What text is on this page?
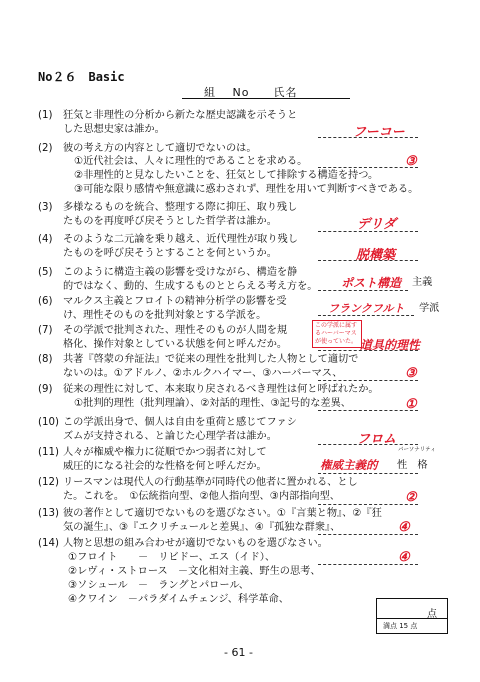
No２６　 Basic
組　 No　　氏名
(1) 狂気と非理性の分析から新たな歴史認識を示そうと
した思想史家は誰か。	フーコー
(2) 彼の考え方の内容として適切でないのは。
①近代社会は、人々に理性的であることを求める。
②非理性的と見なしたいことを、狂気として排除する構造を持つ。
③可能な限り感情や無意識に惑わされず、理性を用いて判断すべきである。
③
(3) 多様なるものを統合、整理する際に抑圧、取り残し
たものを再度呼び戻そうとした哲学者は誰か。	デリダ
(4) そのような二元論を乗り越え、近代理性が取り残し
たものを呼び戻そうとすることを何というか。	脱構築
(5) このように構造主義の影響を受けながら、構造を静
的ではなく、動的、生成するものととらえる考え方を。 ポスト構造 主義
(6) マルクス主義とフロイトの精神分析学の影響を受
け、理性そのものを批判対象とする学派を。
フランクフルト 学派
(7) その学派で批判された、理性そのものが人間を規
格化、操作対象としている状態を何と呼んだか。
この学派に属す
るハーバーマス
が使っていた。 道具的理性
(8) 共著『啓蒙の弁証法』で従来の理性を批判した人物として適切で
ないのは。①アドルノ、②ホルクハイマー、③ハーバーマス、	③
(9) 従来の理性に対して、本来取り戻されるべき理性は何と呼ばれたか。
①批判的理性（批判理論）、②対話的理性、③記号的な差異、	①
(10) この学派出身で、個人は自由を重荷と感じてファシ
ズムが支持される、と論じた心理学者は誰か。	フロム
(11) 人々が権威や権力に従順でかつ弱者に対して
威圧的になる社会的な性格を何と呼んだか。
パーソナリティ
権威主義的 性　格
(12) リースマンは現代人の行動基準が同時代の他者に置かれる、とし
た。これを。　①伝統指向型、②他人指向型、③内部指向型、	②
(13) 彼の著作として適切でないものを選びなさい。①『言葉と物』、②『狂
気の誕生』、③『エクリチュールと差異』、④『孤独な群衆』、	④
(14) 人物と思想の組み合わせが適切でないものを選びなさい。
①フロイト　　－　リビドー、エス（イド）、
②レヴィ・ストロース　－文化相対主義、野生の思考、
③ソシュール　－　ラングとパロール、
④クワイン　－パラダイムチェンジ、科学革命、
④
点
満点 15 点
- 61 -
